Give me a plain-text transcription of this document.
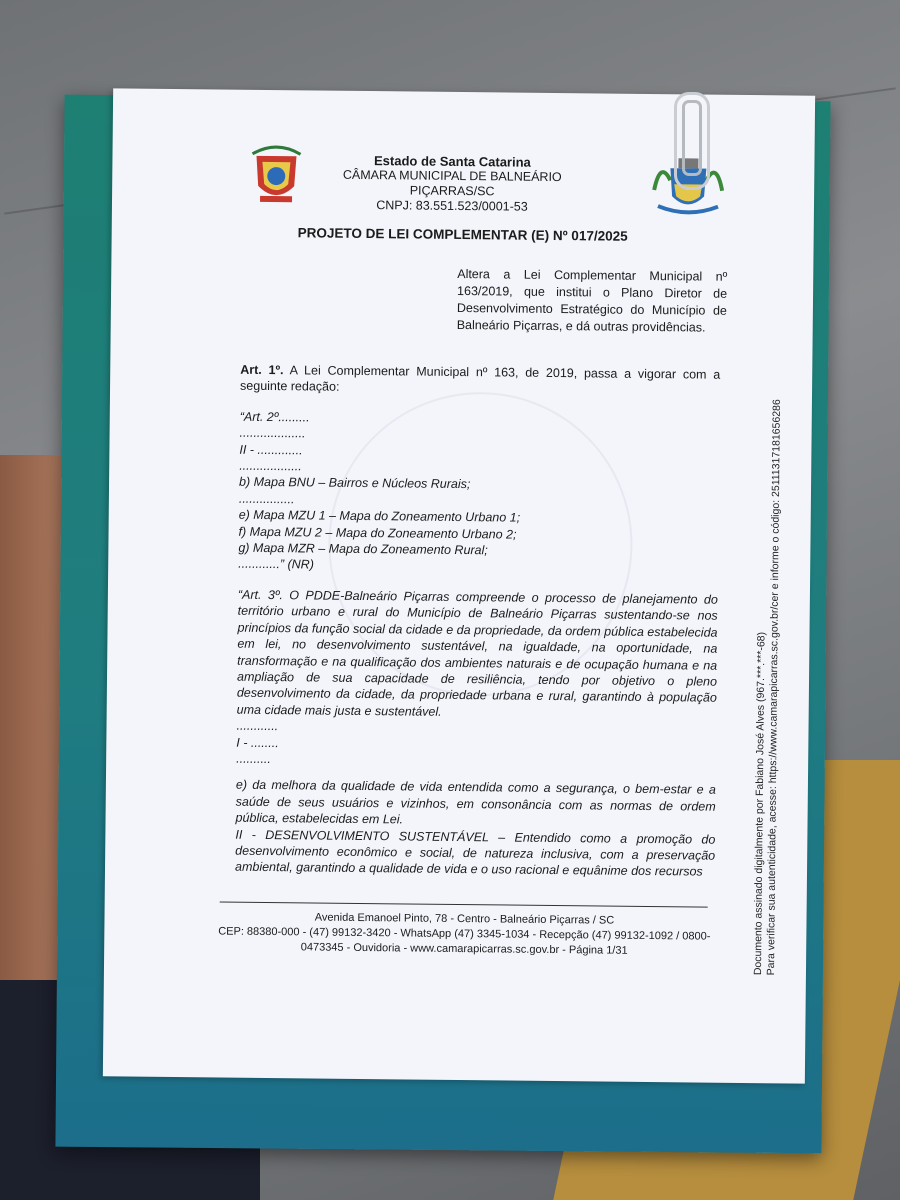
Estado de Santa Catarina
CÂMARA MUNICIPAL DE BALNEÁRIO PIÇARRAS/SC
CNPJ: 83.551.523/0001-53
PROJETO DE LEI COMPLEMENTAR (E) Nº 017/2025
Altera a Lei Complementar Municipal nº 163/2019, que institui o Plano Diretor de Desenvolvimento Estratégico do Município de Balneário Piçarras, e dá outras providências.

Art. 1º. A Lei Complementar Municipal nº 163, de 2019, passa a vigorar com a seguinte redação:

“Art. 2º.........

...................

II - .............

..................

b) Mapa BNU – Bairros e Núcleos Rurais;

................

e) Mapa MZU 1 – Mapa do Zoneamento Urbano 1;

f) Mapa MZU 2 – Mapa do Zoneamento Urbano 2;

g) Mapa MZR – Mapa do Zoneamento Rural;

............” (NR)

“Art. 3º. O PDDE-Balneário Piçarras compreende o processo de planejamento do território urbano e rural do Município de Balneário Piçarras sustentando-se nos princípios da função social da cidade e da propriedade, da ordem pública estabelecida em lei, no desenvolvimento sustentável, na igualdade, na oportunidade, na transformação e na qualificação dos ambientes naturais e de ocupação humana e na ampliação de sua capacidade de resiliência, tendo por objetivo o pleno desenvolvimento da cidade, da propriedade urbana e rural, garantindo à população uma cidade mais justa e sustentável.

............

I - ........

..........

e) da melhora da qualidade de vida entendida como a segurança, o bem-estar e a saúde de seus usuários e vizinhos, em consonância com as normas de ordem pública, estabelecidas em Lei.

II - DESENVOLVIMENTO SUSTENTÁVEL – Entendido como a promoção do desenvolvimento econômico e social, de natureza inclusiva, com a preservação ambiental, garantindo a qualidade de vida e o uso racional e equânime dos recursos

Avenida Emanoel Pinto, 78 - Centro - Balneário Piçarras / SC
CEP: 88380-000 - (47) 99132-3420 - WhatsApp (47) 3345-1034 - Recepção (47) 99132-1092 / 0800-0473345 - Ouvidoria - www.camarapicarras.sc.gov.br - Página 1/31	Documento assinado digitalmente por Fabiano José Alves (967.***.***-68)
Para verificar sua autenticidade, acesse: https://www.camarapicarras.sc.gov.br/cer e informe o código: 25111317181656286
